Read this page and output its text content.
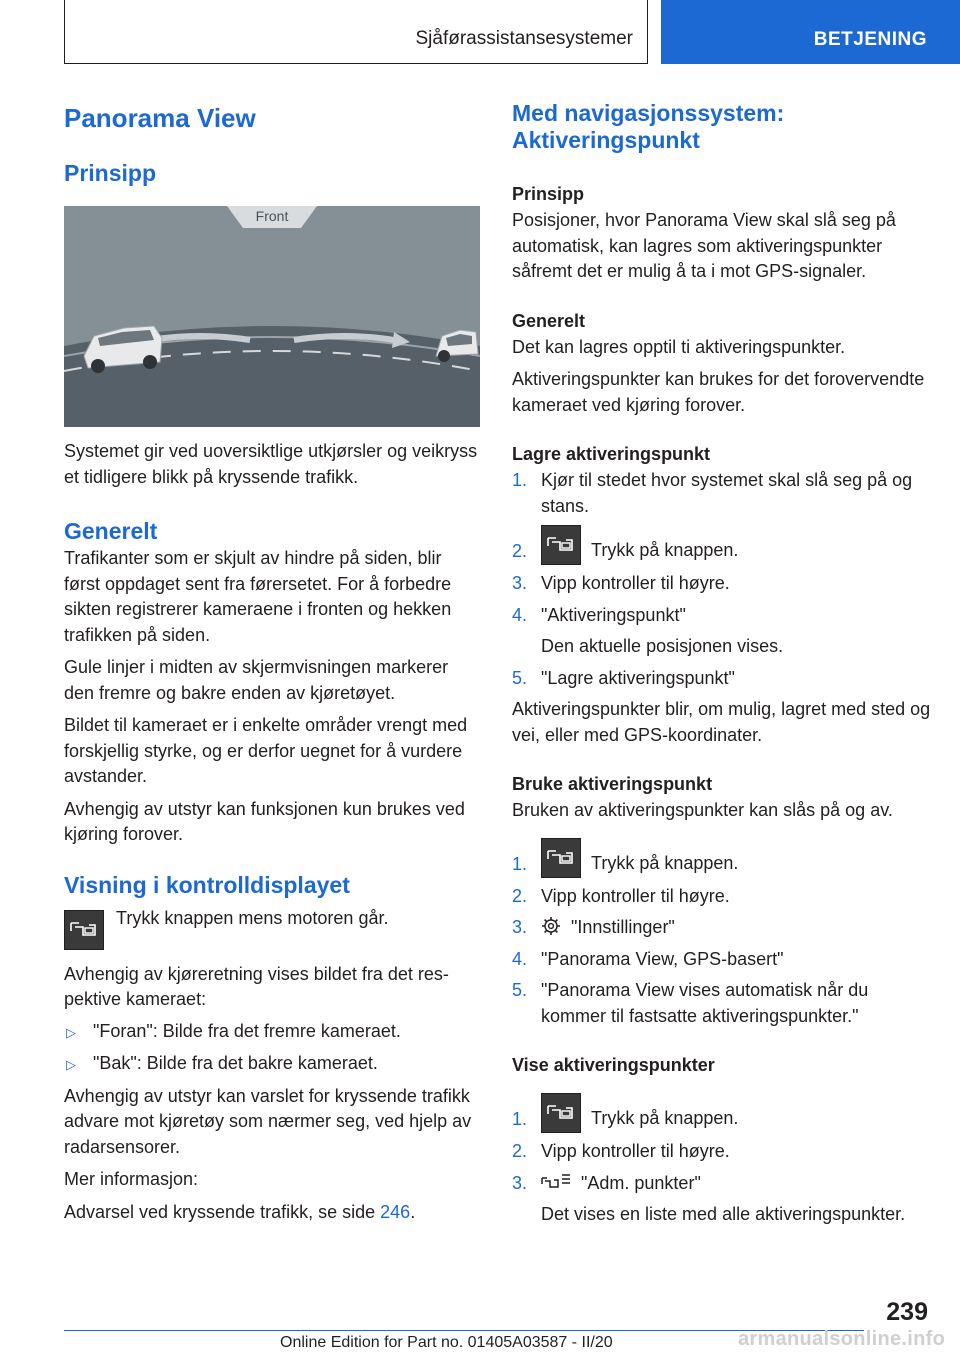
Sjåførassistansesystemer	BETJENING
Panorama View
Prinsipp
Front

Systemet gir ved uoversiktlige utkjørsler og veikryss et tidligere blikk på kryssende trafikk.

Generelt

Trafikanter som er skjult av hindre på siden, blir først oppdaget sent fra førersetet. For å forbedre sikten registrerer kameraene i fronten og hekken trafikken på siden.

Gule linjer i midten av skjermvisningen markerer den fremre og bakre enden av kjøretøyet.

Bildet til kameraet er i enkelte områder vrengt med forskjellig styrke, og er derfor uegnet for å vurdere avstander.

Avhengig av utstyr kan funksjonen kun brukes ved kjøring forover.

Visning i kontrolldisplayet

Trykk knappen mens motoren går.

Avhengig av kjøreretning vises bildet fra det respektive kameraet:

▷ "Foran": Bilde fra det fremre kameraet.
▷ "Bak": Bilde fra det bakre kameraet.

Avhengig av utstyr kan varslet for kryssende trafikk advare mot kjøretøy som nærmer seg, ved hjelp av radarsensorer.

Mer informasjon:

Advarsel ved kryssende trafikk, se side 246.

Med navigasjonssystem: Aktiveringspunkt
Prinsipp

Posisjoner, hvor Panorama View skal slå seg på automatisk, kan lagres som aktiveringspunkter såfremt det er mulig å ta i mot GPS-signaler.

Generelt

Det kan lagres opptil ti aktiveringspunkter.

Aktiveringspunkter kan brukes for det forovervendte kameraet ved kjøring forover.

Lagre aktiveringspunkt
1. Kjør til stedet hvor systemet skal slå seg på og stans.
2.	Trykk på knappen.
3. Vipp kontroller til høyre.
4. "Aktiveringspunkt"
Den aktuelle posisjonen vises.
5. "Lagre aktiveringspunkt"

Aktiveringspunkter blir, om mulig, lagret med sted og vei, eller med GPS-koordinater.

Bruke aktiveringspunkt

Bruken av aktiveringspunkter kan slås på og av.

1.	Trykk på knappen.
2. Vipp kontroller til høyre.
3. "Innstillinger"
4. "Panorama View, GPS-basert"
5. "Panorama View vises automatisk når du kommer til fastsatte aktiveringspunkter."
Vise aktiveringspunkter
1.	Trykk på knappen.
2. Vipp kontroller til høyre.
3.	"Adm. punkter"
Det vises en liste med alle aktiveringspunkter.
239
Online Edition for Part no. 01405A03587 - II/20	armanualsonline.info
